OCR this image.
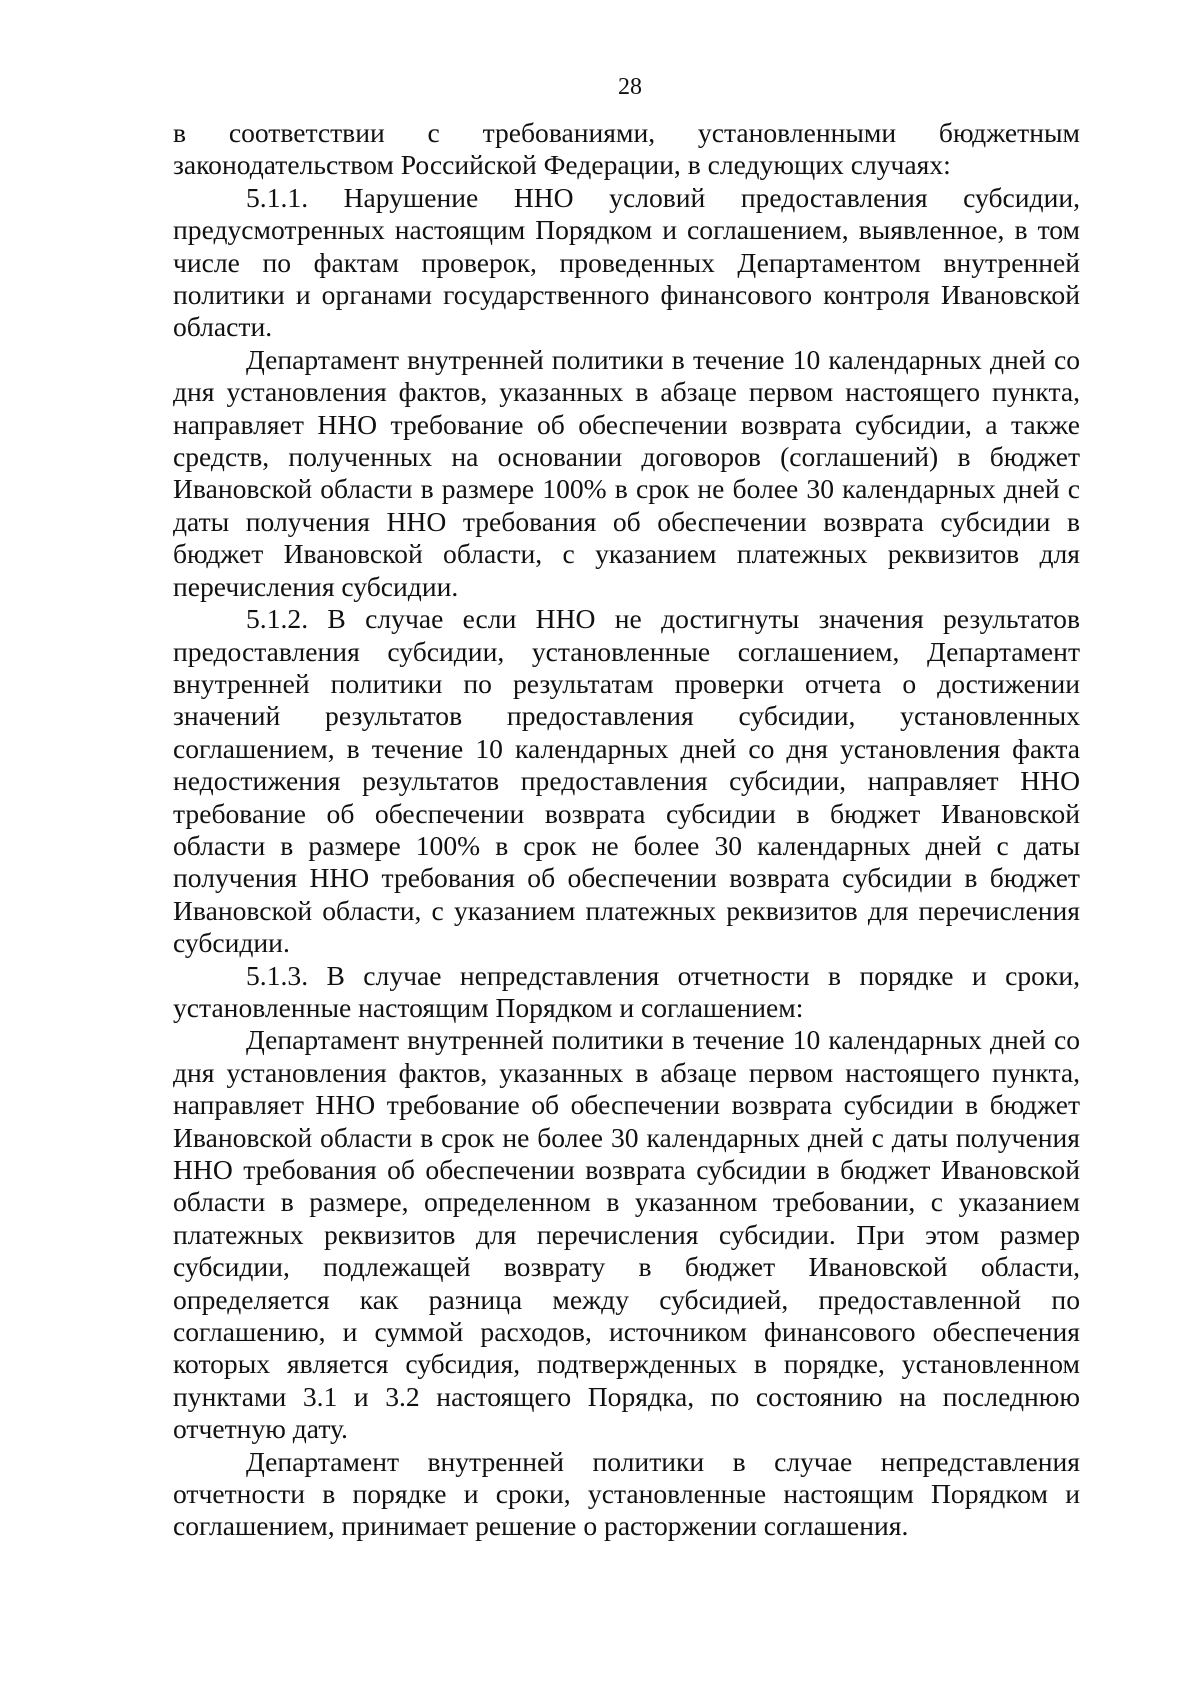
28

в соответствии с требованиями, установленными бюджетным законодательством Российской Федерации, в следующих случаях:

5.1.1. Нарушение ННО условий предоставления субсидии, предусмотренных настоящим Порядком и соглашением, выявленное, в том числе по фактам проверок, проведенных Департаментом внутренней политики и органами государственного финансового контроля Ивановской области.

Департамент внутренней политики в течение 10 календарных дней со дня установления фактов, указанных в абзаце первом настоящего пункта, направляет ННО требование об обеспечении возврата субсидии, а также средств, полученных на основании договоров (соглашений) в бюджет Ивановской области в размере 100% в срок не более 30 календарных дней с даты получения ННО требования об обеспечении возврата субсидии в бюджет Ивановской области, с указанием платежных реквизитов для перечисления субсидии.

5.1.2. В случае если ННО не достигнуты значения результатов предоставления субсидии, установленные соглашением, Департамент внутренней политики по результатам проверки отчета о достижении значений результатов предоставления субсидии, установленных соглашением, в течение 10 календарных дней со дня установления факта недостижения результатов предоставления субсидии, направляет ННО требование об обеспечении возврата субсидии в бюджет Ивановской области в размере 100% в срок не более 30 календарных дней с даты получения ННО требования об обеспечении возврата субсидии в бюджет Ивановской области, с указанием платежных реквизитов для перечисления субсидии.

5.1.3. В случае непредставления отчетности в порядке и сроки, установленные настоящим Порядком и соглашением:

Департамент внутренней политики в течение 10 календарных дней со дня установления фактов, указанных в абзаце первом настоящего пункта, направляет ННО требование об обеспечении возврата субсидии в бюджет Ивановской области в срок не более 30 календарных дней с даты получения ННО требования об обеспечении возврата субсидии в бюджет Ивановской области в размере, определенном в указанном требовании, с указанием платежных реквизитов для перечисления субсидии. При этом размер субсидии, подлежащей возврату в бюджет Ивановской области, определяется как разница между субсидией, предоставленной по соглашению, и суммой расходов, источником финансового обеспечения которых является субсидия, подтвержденных в порядке, установленном пунктами 3.1 и 3.2 настоящего Порядка, по состоянию на последнюю отчетную дату.

Департамент внутренней политики в случае непредставления отчетности в порядке и сроки, установленные настоящим Порядком и соглашением, принимает решение о расторжении соглашения.
